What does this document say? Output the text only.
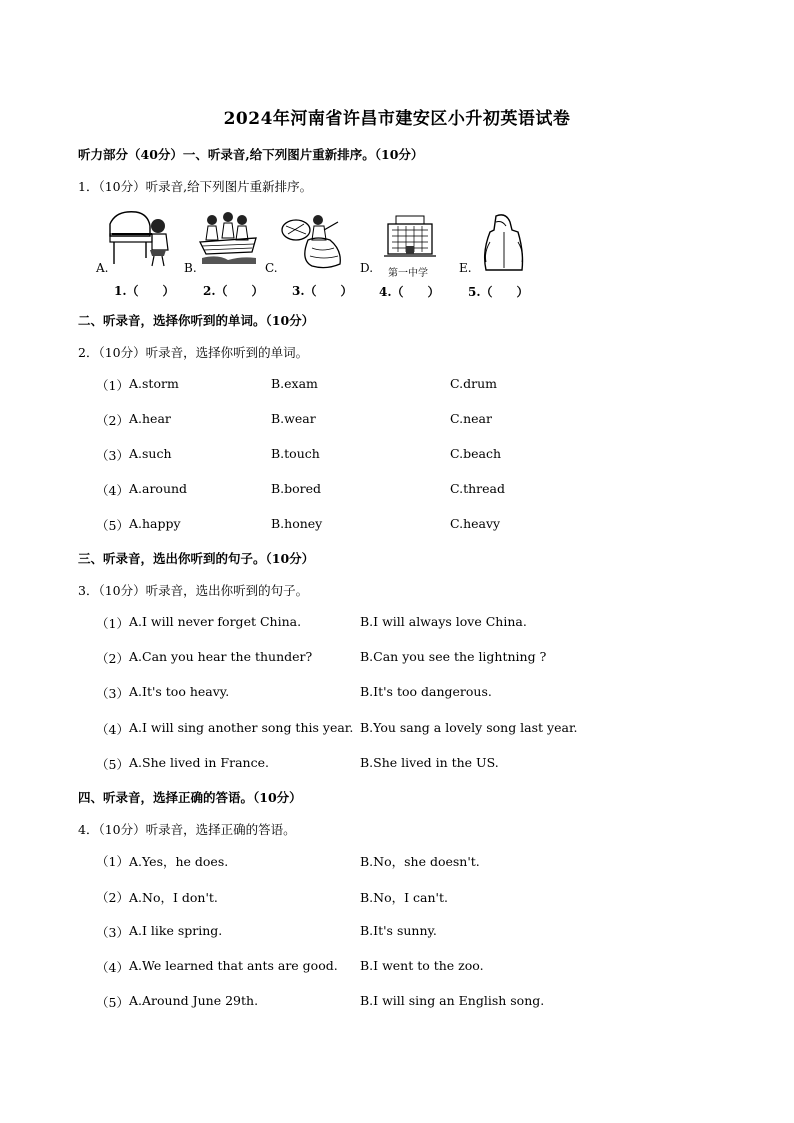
2024年河南省许昌市建安区小升初英语试卷
听力部分（40分）一、听录音,给下列图片重新排序。（10分）
1．（10分）听录音,给下列图片重新排序。
A.	B.	C.	D. 第一中学	E.
1.（　　） 2.（　　） 3.（　　） 4.（　　） 5.（　　）
二、听录音，选择你听到的单词。（10分）
2．（10分）听录音，选择你听到的单词。
（1） A.storm	B.exam	C.drum
（2） A.hear	B.wear	C.near
（3） A.such	B.touch	C.beach
（4） A.around	B.bored	C.thread
（5） A.happy	B.honey	C.heavy
三、听录音，选出你听到的句子。（10分）
3．（10分）听录音，选出你听到的句子。
（1） A.I will never forget China.	B.I will always love China.
（2） A.Can you hear the thunder?	B.Can you see the lightning ?
（3） A.It's too heavy.	B.It's too dangerous.
（4） A.I will sing another song this year. B.You sang a lovely song last year.
（5） A.She lived in France.	B.She lived in the US.
四、听录音，选择正确的答语。（10分）
4．（10分）听录音，选择正确的答语。
（1） A.Yes，he does.	B.No，she doesn't.
（2） A.No，I don't.	B.No，I can't.
（3） A.I like spring.	B.It's sunny.
（4） A.We learned that ants are good. B.I went to the zoo.
（5） A.Around June 29th.	B.I will sing an English song.
